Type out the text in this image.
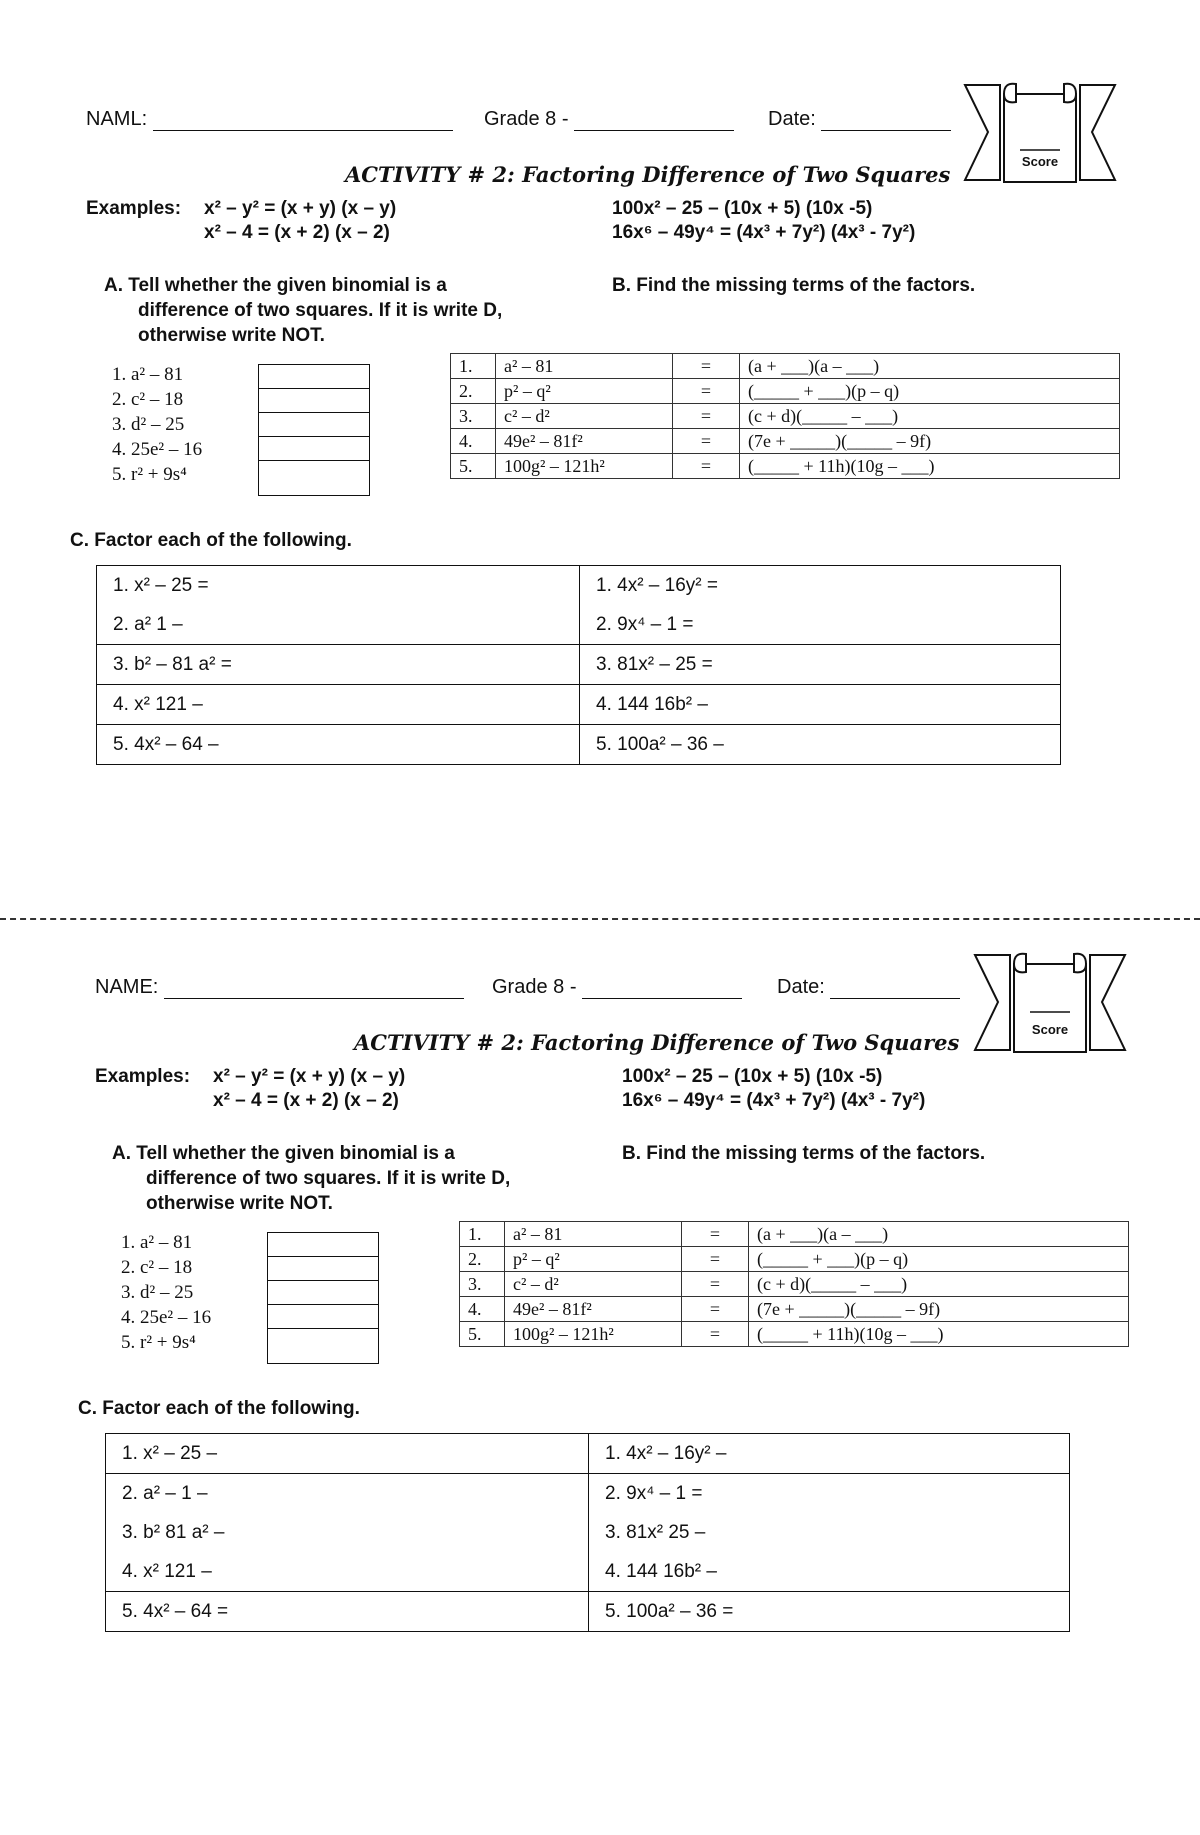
NAML:	Grade 8 -	Date:
Score
ACTIVITY # 2: Factoring Difference of Two Squares
Examples: x² – y² = (x + y) (x – y)
x² – 4 = (x + 2) (x – 2)
100x² – 25 – (10x + 5) (10x -5)
16x⁶ – 49y⁴ = (4x³ + 7y²) (4x³ - 7y²)
A. Tell whether the given binomial is a
difference of two squares. If it is write D,
otherwise write NOT.
B. Find the missing terms of the factors.
1. a² – 81
2. c² – 18
3. d² – 25
4. 25e² – 16
5. r² + 9s⁴
1.	a² – 81	=	(a + ___)(a – ___)
2.	p² – q²	=	(_____ + ___)(p – q)
3.	c² – d²	=	(c + d)(_____ – ___)
4.	49e² – 81f²	=	(7e + _____)(_____ – 9f)
5.	100g² – 121h²	=	(_____ + 11h)(10g – ___)
C. Factor each of the following.
1. x² – 25 =	1. 4x² – 16y² =
2. a² 1 –	2. 9x⁴ – 1 =
3. b² – 81 a² =	3. 81x² – 25 =
4. x² 121 –	4. 144 16b² –
5. 4x² – 64 –	5. 100a² – 36 –
NAME:	Grade 8 -	Date:
Score
ACTIVITY # 2: Factoring Difference of Two Squares
Examples: x² – y² = (x + y) (x – y)
x² – 4 = (x + 2) (x – 2)
100x² – 25 – (10x + 5) (10x -5)
16x⁶ – 49y⁴ = (4x³ + 7y²) (4x³ - 7y²)
A. Tell whether the given binomial is a
difference of two squares. If it is write D,
otherwise write NOT.
B. Find the missing terms of the factors.
1. a² – 81
2. c² – 18
3. d² – 25
4. 25e² – 16
5. r² + 9s⁴
1.	a² – 81	=	(a + ___)(a – ___)
2.	p² – q²	=	(_____ + ___)(p – q)
3.	c² – d²	=	(c + d)(_____ – ___)
4.	49e² – 81f²	=	(7e + _____)(_____ – 9f)
5.	100g² – 121h²	=	(_____ + 11h)(10g – ___)
C. Factor each of the following.
1. x² – 25 –	1. 4x² – 16y² –
2. a² – 1 –	2. 9x⁴ – 1 =
3. b² 81 a² –	3. 81x² 25 –
4. x² 121 –	4. 144 16b² –
5. 4x² – 64 =	5. 100a² – 36 =
